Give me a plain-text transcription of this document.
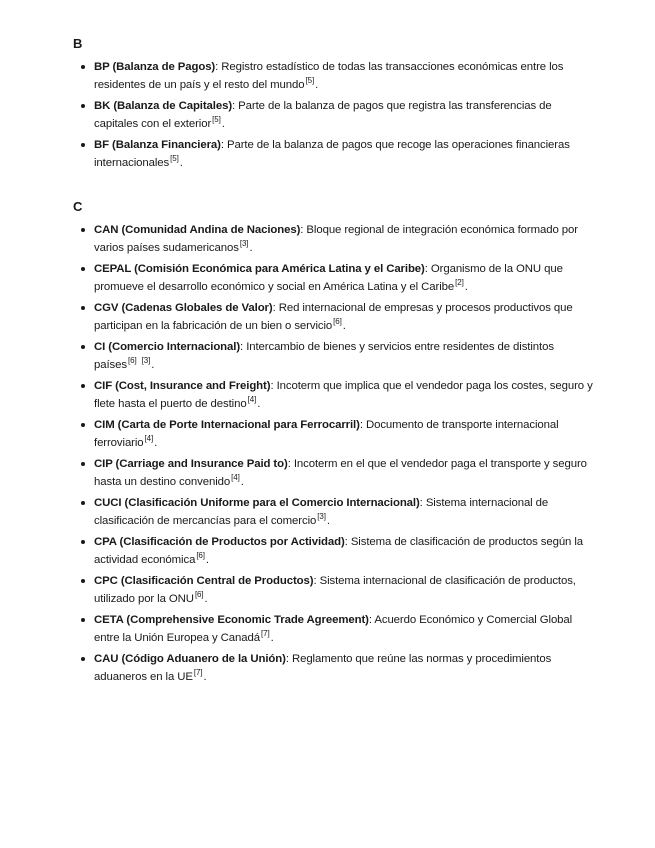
B
BP (Balanza de Pagos): Registro estadístico de todas las transacciones económicas entre los residentes de un país y el resto del mundo[5].
BK (Balanza de Capitales): Parte de la balanza de pagos que registra las transferencias de capitales con el exterior[5].
BF (Balanza Financiera): Parte de la balanza de pagos que recoge las operaciones financieras internacionales[5].
C
CAN (Comunidad Andina de Naciones): Bloque regional de integración económica formado por varios países sudamericanos[3].
CEPAL (Comisión Económica para América Latina y el Caribe): Organismo de la ONU que promueve el desarrollo económico y social en América Latina y el Caribe[2].
CGV (Cadenas Globales de Valor): Red internacional de empresas y procesos productivos que participan en la fabricación de un bien o servicio[6].
CI (Comercio Internacional): Intercambio de bienes y servicios entre residentes de distintos países[6] [3].
CIF (Cost, Insurance and Freight): Incoterm que implica que el vendedor paga los costes, seguro y flete hasta el puerto de destino[4].
CIM (Carta de Porte Internacional para Ferrocarril): Documento de transporte internacional ferroviario[4].
CIP (Carriage and Insurance Paid to): Incoterm en el que el vendedor paga el transporte y seguro hasta un destino convenido[4].
CUCI (Clasificación Uniforme para el Comercio Internacional): Sistema internacional de clasificación de mercancías para el comercio[3].
CPA (Clasificación de Productos por Actividad): Sistema de clasificación de productos según la actividad económica[6].
CPC (Clasificación Central de Productos): Sistema internacional de clasificación de productos, utilizado por la ONU[6].
CETA (Comprehensive Economic Trade Agreement): Acuerdo Económico y Comercial Global entre la Unión Europea y Canadá[7].
CAU (Código Aduanero de la Unión): Reglamento que reúne las normas y procedimientos aduaneros en la UE[7].
